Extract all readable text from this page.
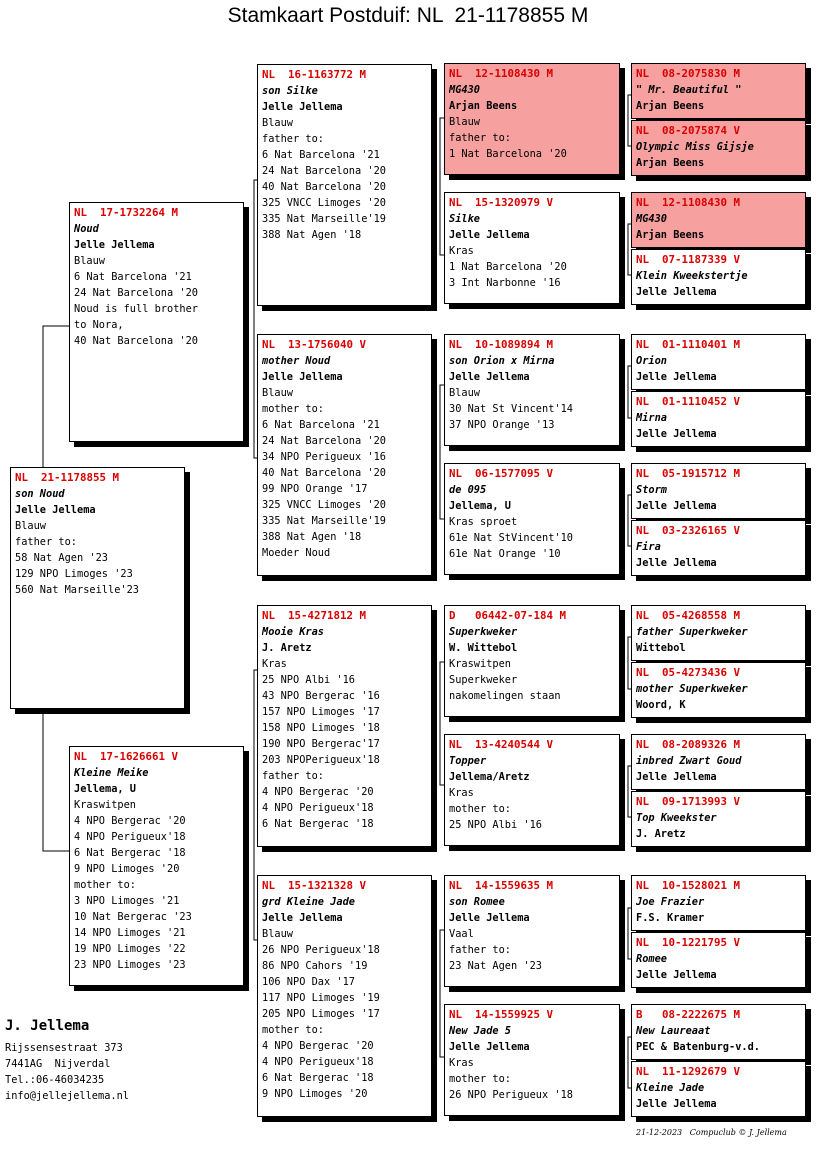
Stamkaart Postduif: NL  21-1178855 M
NL  21-1178855 M
son Noud
Jelle Jellema
Blauw
father to:
58 Nat Agen '23
129 NPO Limoges '23
560 Nat Marseille'23
NL  17-1732264 M
Noud
Jelle Jellema
Blauw
6 Nat Barcelona '21
24 Nat Barcelona '20
Noud is full brother
to Nora,
40 Nat Barcelona '20
NL  17-1626661 V
Kleine Meike
Jellema, U
Kraswitpen
4 NPO Bergerac '20
4 NPO Perigueux'18
6 Nat Bergerac '18
9 NPO Limoges '20
mother to:
3 NPO Limoges '21
10 Nat Bergerac '23
14 NPO Limoges '21
19 NPO Limoges '22
23 NPO Limoges '23
NL  16-1163772 M
son Silke
Jelle Jellema
Blauw
father to:
6 Nat Barcelona '21
24 Nat Barcelona '20
40 Nat Barcelona '20
325 VNCC Limoges '20
335 Nat Marseille'19
388 Nat Agen '18
NL  13-1756040 V
mother Noud
Jelle Jellema
Blauw
mother to:
6 Nat Barcelona '21
24 Nat Barcelona '20
34 NPO Perigueux '16
40 Nat Barcelona '20
99 NPO Orange '17
325 VNCC Limoges '20
335 Nat Marseille'19
388 Nat Agen '18
Moeder Noud
NL  15-4271812 M
Mooie Kras
J. Aretz
Kras
25 NPO Albi '16
43 NPO Bergerac '16
157 NPO Limoges '17
158 NPO Limoges '18
190 NPO Bergerac'17
203 NPOPerigueux'18
father to:
4 NPO Bergerac '20
4 NPO Perigueux'18
6 Nat Bergerac '18
NL  15-1321328 V
grd Kleine Jade
Jelle Jellema
Blauw
26 NPO Perigueux'18
86 NPO Cahors '19
106 NPO Dax '17
117 NPO Limoges '19
205 NPO Limoges '17
mother to:
4 NPO Bergerac '20
4 NPO Perigueux'18
6 Nat Bergerac '18
9 NPO Limoges '20
NL  12-1108430 M
MG430
Arjan Beens
Blauw
father to:
1 Nat Barcelona '20
NL  15-1320979 V
Silke
Jelle Jellema
Kras
1 Nat Barcelona '20
3 Int Narbonne '16
NL  10-1089894 M
son Orion x Mirna
Jelle Jellema
Blauw
30 Nat St Vincent'14
37 NPO Orange '13
NL  06-1577095 V
de 095
Jellema, U
Kras sproet
61e Nat StVincent'10
61e Nat Orange '10
D   06442-07-184 M
Superkweker
W. Wittebol
Kraswitpen
Superkweker
nakomelingen staan
NL  13-4240544 V
Topper
Jellema/Aretz
Kras
mother to:
25 NPO Albi '16
NL  14-1559635 M
son Romee
Jelle Jellema
Vaal
father to:
23 Nat Agen '23
NL  14-1559925 V
New Jade 5
Jelle Jellema
Kras
mother to:
26 NPO Perigueux '18
NL  08-2075830 M
" Mr. Beautiful "
Arjan Beens
NL  08-2075874 V
Olympic Miss Gijsje
Arjan Beens
NL  12-1108430 M
MG430
Arjan Beens
NL  07-1187339 V
Klein Kweekstertje
Jelle Jellema
NL  01-1110401 M
Orion
Jelle Jellema
NL  01-1110452 V
Mirna
Jelle Jellema
NL  05-1915712 M
Storm
Jelle Jellema
NL  03-2326165 V
Fira
Jelle Jellema
NL  05-4268558 M
father Superkweker
Wittebol
NL  05-4273436 V
mother Superkweker
Woord, K
NL  08-2089326 M
inbred Zwart Goud
Jelle Jellema
NL  09-1713993 V
Top Kweekster
J. Aretz
NL  10-1528021 M
Joe Frazier
F.S. Kramer
NL  10-1221795 V
Romee
Jelle Jellema
B   08-2222675 M
New Laureaat
PEC & Batenburg-v.d.
NL  11-1292679 V
Kleine Jade
Jelle Jellema
J. Jellema
Rijssensestraat 373
7441AG  Nijverdal
Tel.:06-46034235
info@jellejellema.nl
21-12-2023   Compuclub © J. Jellema
